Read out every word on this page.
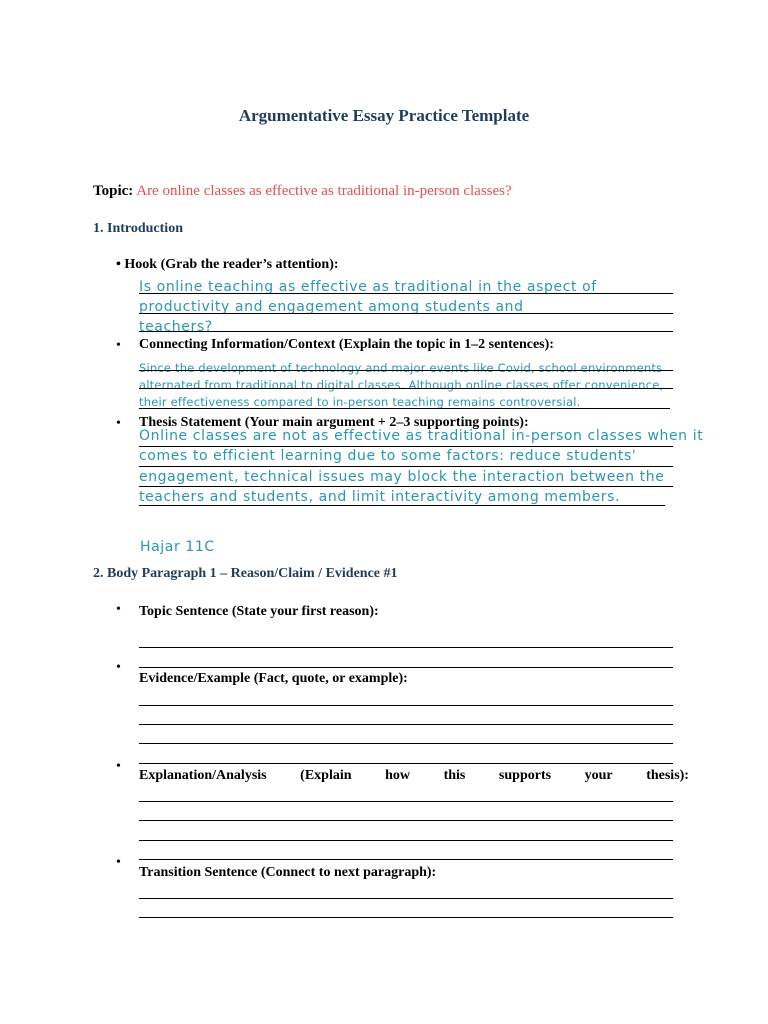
Argumentative Essay Practice Template
Topic: Are online classes as effective as traditional in-person classes?
1. Introduction
• Hook (Grab the reader’s attention):
Is online teaching as effective as traditional in the aspect of
productivity and engagement among students and
teachers?
• Connecting Information/Context (Explain the topic in 1–2 sentences):
Since the development of technology and major events like Covid, school environments
alternated from traditional to digital classes. Although online classes offer convenience,
their effectiveness compared to in-person teaching remains controversial.
• Thesis Statement (Your main argument + 2–3 supporting points):
Online classes are not as effective as traditional in-person classes when it
comes to efficient learning due to some factors: reduce students'
engagement, technical issues may block the interaction between the
teachers and students, and limit interactivity among members.
Hajar 11C
2. Body Paragraph 1 – Reason/Claim / Evidence #1
• Topic Sentence (State your first reason):
•
Evidence/Example (Fact, quote, or example):
•
Explanation/Analysis (Explain how this supports your thesis):
•
Transition Sentence (Connect to next paragraph):
